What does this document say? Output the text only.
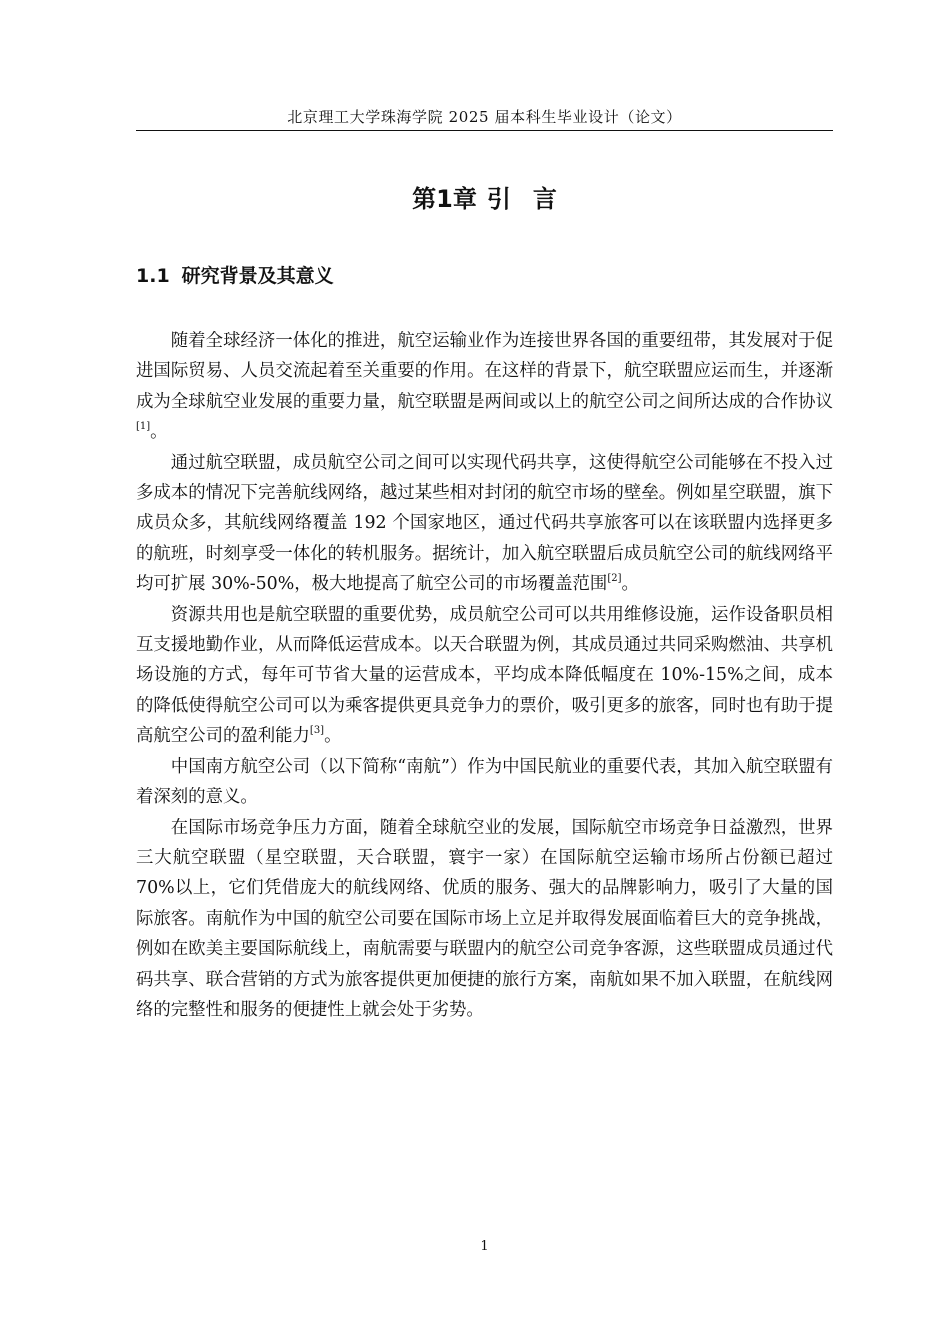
北京理工大学珠海学院 2025 届本科生毕业设计（论文）
第1章 引 言
1.1 研究背景及其意义

随着全球经济一体化的推进，航空运输业作为连接世界各国的重要纽带，其发展对于促进国际贸易、人员交流起着至关重要的作用。在这样的背景下，航空联盟应运而生，并逐渐成为全球航空业发展的重要力量，航空联盟是两间或以上的航空公司之间所达成的合作协议[1]。

通过航空联盟，成员航空公司之间可以实现代码共享，这使得航空公司能够在不投入过多成本的情况下完善航线网络，越过某些相对封闭的航空市场的壁垒。例如星空联盟，旗下成员众多，其航线网络覆盖 192 个国家地区，通过代码共享旅客可以在该联盟内选择更多的航班，时刻享受一体化的转机服务。据统计，加入航空联盟后成员航空公司的航线网络平均可扩展 30%-50%，极大地提高了航空公司的市场覆盖范围[2]。

资源共用也是航空联盟的重要优势，成员航空公司可以共用维修设施，运作设备职员相互支援地勤作业，从而降低运营成本。以天合联盟为例，其成员通过共同采购燃油、共享机场设施的方式，每年可节省大量的运营成本，平均成本降低幅度在 10%-15%之间，成本的降低使得航空公司可以为乘客提供更具竞争力的票价，吸引更多的旅客，同时也有助于提高航空公司的盈利能力[3]。

中国南方航空公司（以下简称“南航”）作为中国民航业的重要代表，其加入航空联盟有着深刻的意义。

在国际市场竞争压力方面，随着全球航空业的发展，国际航空市场竞争日益激烈，世界三大航空联盟（星空联盟，天合联盟，寰宇一家）在国际航空运输市场所占份额已超过 70%以上，它们凭借庞大的航线网络、优质的服务、强大的品牌影响力，吸引了大量的国际旅客。南航作为中国的航空公司要在国际市场上立足并取得发展面临着巨大的竞争挑战，例如在欧美主要国际航线上，南航需要与联盟内的航空公司竞争客源，这些联盟成员通过代码共享、联合营销的方式为旅客提供更加便捷的旅行方案，南航如果不加入联盟，在航线网络的完整性和服务的便捷性上就会处于劣势。

1
